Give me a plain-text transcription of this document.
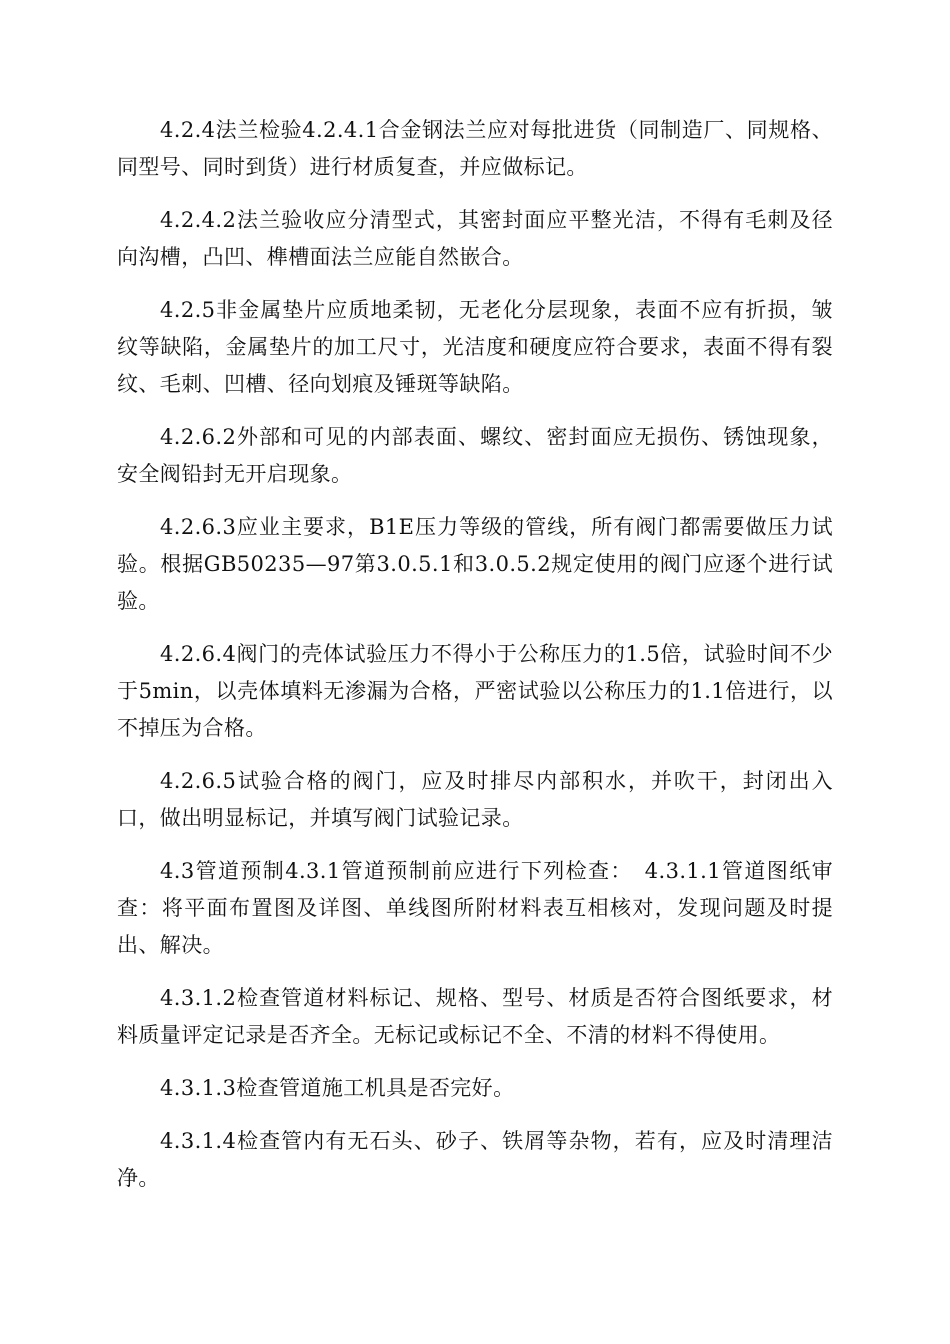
4.2.4法兰检验4.2.4.1合金钢法兰应对每批进货（同制造厂、同规格、同型号、同时到货）进行材质复查，并应做标记。

4.2.4.2法兰验收应分清型式，其密封面应平整光洁，不得有毛刺及径向沟槽，凸凹、榫槽面法兰应能自然嵌合。

4.2.5非金属垫片应质地柔韧，无老化分层现象，表面不应有折损，皱纹等缺陷，金属垫片的加工尺寸，光洁度和硬度应符合要求，表面不得有裂纹、毛刺、凹槽、径向划痕及锤斑等缺陷。

4.2.6.2外部和可见的内部表面、螺纹、密封面应无损伤、锈蚀现象，安全阀铅封无开启现象。

4.2.6.3应业主要求，B1E压力等级的管线，所有阀门都需要做压力试验。根据GB50235—97第3.0.5.1和3.0.5.2规定使用的阀门应逐个进行试验。

4.2.6.4阀门的壳体试验压力不得小于公称压力的1.5倍，试验时间不少于5min，以壳体填料无渗漏为合格，严密试验以公称压力的1.1倍进行，以不掉压为合格。

4.2.6.5试验合格的阀门，应及时排尽内部积水，并吹干，封闭出入口，做出明显标记，并填写阀门试验记录。

4.3管道预制4.3.1管道预制前应进行下列检查：　4.3.1.1管道图纸审查：将平面布置图及详图、单线图所附材料表互相核对，发现问题及时提出、解决。

4.3.1.2检查管道材料标记、规格、型号、材质是否符合图纸要求，材料质量评定记录是否齐全。无标记或标记不全、不清的材料不得使用。

4.3.1.3检查管道施工机具是否完好。

4.3.1.4检查管内有无石头、砂子、铁屑等杂物，若有，应及时清理洁净。
